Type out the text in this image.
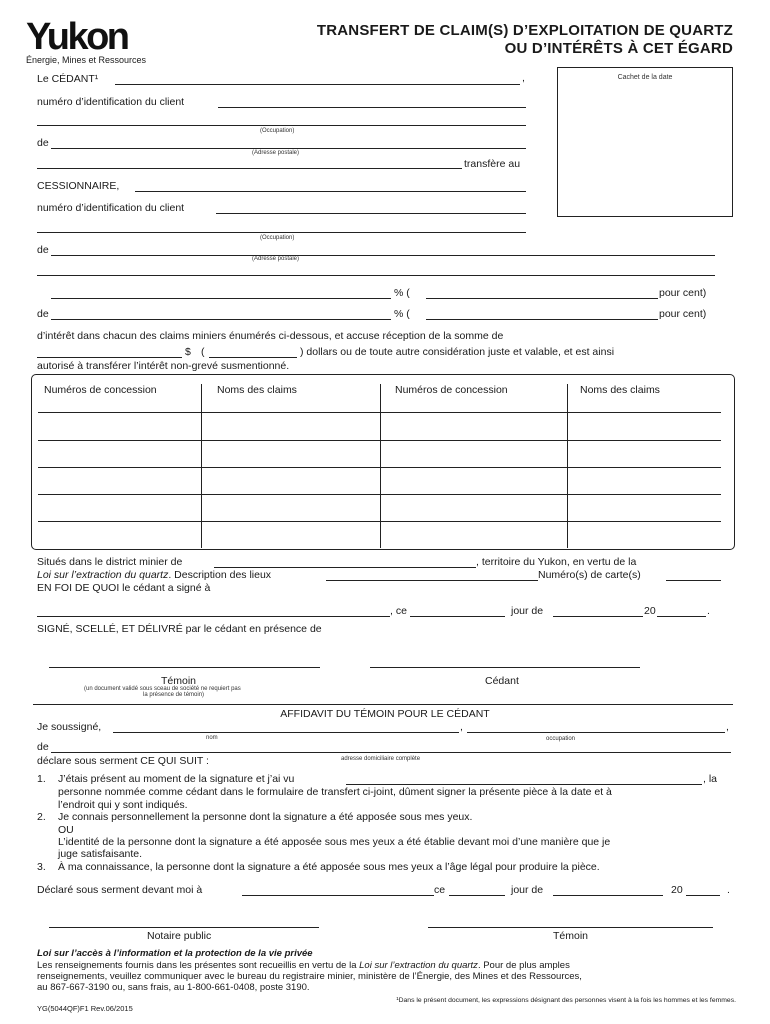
Yukon
Énergie, Mines et Ressources
TRANSFERT DE CLAIM(S) D’EXPLOITATION DE QUARTZ
OU D’INTÉRÊTS À CET ÉGARD
Cachet de la date
Le CÉDANT¹	,
numéro d’identification du client
(Occupation)
de
(Adresse postale)
transfère au
CESSIONNAIRE,
numéro d’identification du client
(Occupation)
de
(Adresse postale)
% (	pour cent)
de	% (	pour cent)
d’intérêt dans chacun des claims miniers énumérés ci-dessous, et accuse réception de la somme de
$ (	) dollars ou de toute autre considération juste et valable, et est ainsi
autorisé à transférer l’intérêt non-grevé susmentionné.
Numéros de concession	Noms des claims	Numéros de concession	Noms des claims
Situés dans le district minier de	, territoire du Yukon, en vertu de la
Loi sur l’extraction du quartz. Description des lieux	Numéro(s) de carte(s)
EN FOI DE QUOI le cédant a signé à
, ce	jour de	20	.
SIGNÉ, SCELLÉ, ET DÉLIVRÉ par le cédant en présence de
Témoin
(un document validé sous sceau de société ne requiert pas
la présence de témoin)
Cédant
AFFIDAVIT DU TÉMOIN POUR LE CÉDANT
Je soussigné,	,	,
nom	occupation
de
adresse domiciliaire complète
déclare sous serment CE QUI SUIT :
1. J’étais présent au moment de la signature et j’ai vu	, la
personne nommée comme cédant dans le formulaire de transfert ci-joint, dûment signer la présente pièce à la date et à
l’endroit qui y sont indiqués.
2. Je connais personnellement la personne dont la signature a été apposée sous mes yeux.
OU
L’identité de la personne dont la signature a été apposée sous mes yeux a été établie devant moi d’une manière que je
juge satisfaisante.
3. À ma connaissance, la personne dont la signature a été apposée sous mes yeux a l’âge légal pour produire la pièce.
Déclaré sous serment devant moi à	ce	jour de	20	.
Notaire public	Témoin
Loi sur l’accès à l’information et la protection de la vie privée
Les renseignements fournis dans les présentes sont recueillis en vertu de la Loi sur l’extraction du quartz. Pour de plus amples
renseignements, veuillez communiquer avec le bureau du registraire minier, ministère de l’Énergie, des Mines et des Ressources,
au 867-667-3190 ou, sans frais, au 1-800-661-0408, poste 3190.
¹Dans le présent document, les expressions désignant des personnes visent à la fois les hommes et les femmes.
YG(5044QF)F1 Rev.06/2015
